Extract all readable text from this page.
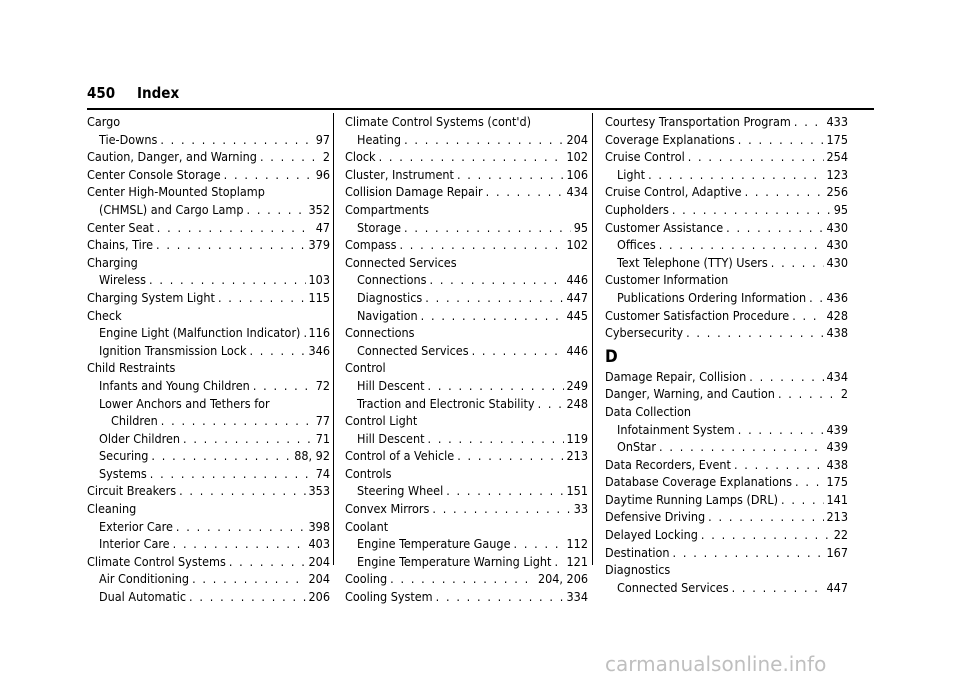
450 Index
Cargo
Tie-Downs . . .	97
Caution, Danger, and Warning . . .	2
Center Console Storage . . .	96
Center High-Mounted Stoplamp
(CHMSL) and Cargo Lamp . . .	352
Center Seat . . .	47
Chains, Tire . . .	379
Charging
Wireless . . .	103
Charging System Light . . .	115
Check
Engine Light (Malfunction Indicator) . . . 116
Ignition Transmission Lock . . .	346
Child Restraints
Infants and Young Children . . .	72
Lower Anchors and Tethers for
Children . . .	77
Older Children . . .	71
Securing . . .	88, 92
Systems . . .	74
Circuit Breakers . . .	353
Cleaning
Exterior Care . . .	398
Interior Care . . .	403
Climate Control Systems . . .	204
Air Conditioning . . .	204
Dual Automatic . . .	206
Climate Control Systems (cont'd)
Heating . . .	204
Clock . . .	102
Cluster, Instrument . . .	106
Collision Damage Repair . . .	434
Compartments
Storage . . .	95
Compass . . .	102
Connected Services
Connections . . .	446
Diagnostics . . .	447
Navigation . . .	445
Connections
Connected Services . . .	446
Control
Hill Descent . . .	249
Traction and Electronic Stability . . .	248
Control Light
Hill Descent . . .	119
Control of a Vehicle . . .	213
Controls
Steering Wheel . . .	151
Convex Mirrors . . .	33
Coolant
Engine Temperature Gauge . . .	112
Engine Temperature Warning Light . . . 121
Cooling . . .	204, 206
Cooling System . . .	334
Courtesy Transportation Program . . .	433
Coverage Explanations . . .	175
Cruise Control . . .	254
Light . . .	123
Cruise Control, Adaptive . . .	256
Cupholders . . .	95
Customer Assistance . . .	430
Offices . . .	430
Text Telephone (TTY) Users . . .	430
Customer Information
Publications Ordering Information . . . 436
Customer Satisfaction Procedure . . .	428
Cybersecurity . . .	438
D
Damage Repair, Collision . . .	434
Danger, Warning, and Caution . . .	2
Data Collection
Infotainment System . . .	439
OnStar . . .	439
Data Recorders, Event . . .	438
Database Coverage Explanations . . .	175
Daytime Running Lamps (DRL) . . .	141
Defensive Driving . . .	213
Delayed Locking . . .	22
Destination . . .	167
Diagnostics
Connected Services . . .	447
carmanualsonline.info
